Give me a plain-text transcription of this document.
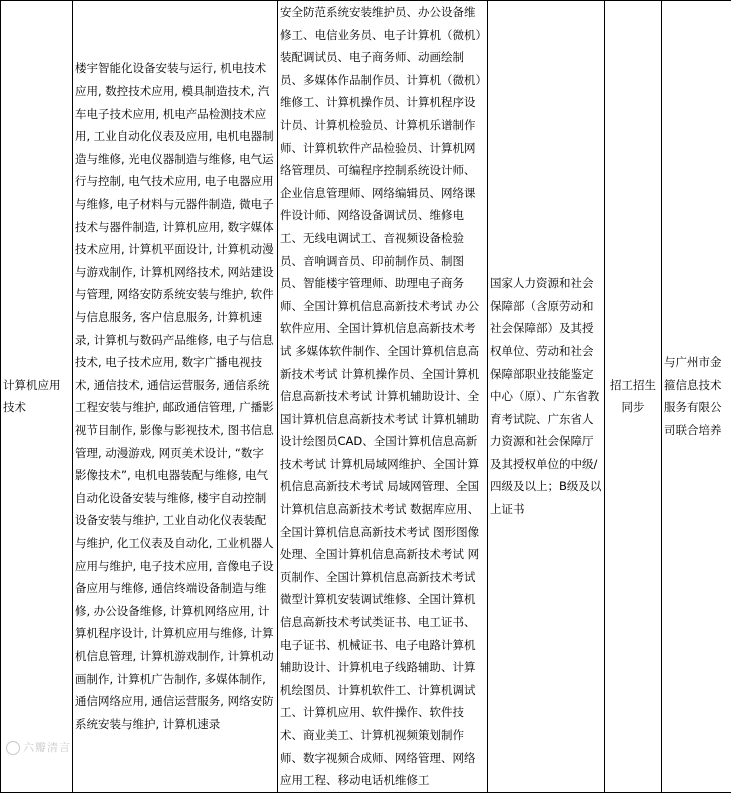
计算机应用技术	楼宇智能化设备安装与运行, 机电技术应用, 数控技术应用, 模具制造技术, 汽车电子技术应用, 机电产品检测技术应用, 工业自动化仪表及应用, 电机电器制造与维修, 光电仪器制造与维修, 电气运行与控制, 电气技术应用, 电子电器应用与维修, 电子材料与元器件制造, 微电子技术与器件制造, 计算机应用, 数字媒体技术应用, 计算机平面设计, 计算机动漫与游戏制作, 计算机网络技术, 网站建设与管理, 网络安防系统安装与维护, 软件与信息服务, 客户信息服务, 计算机速录, 计算机与数码产品维修, 电子与信息技术, 电子技术应用, 数字广播电视技术, 通信技术, 通信运营服务, 通信系统工程安装与维护, 邮政通信管理, 广播影视节目制作, 影像与影视技术, 图书信息管理, 动漫游戏, 网页美术设计, “数字影像技术”, 电机电器装配与维修, 电气自动化设备安装与维修, 楼宇自动控制设备安装与维护, 工业自动化仪表装配与维护, 化工仪表及自动化, 工业机器人应用与维护, 电子技术应用, 音像电子设备应用与维修, 通信终端设备制造与维修, 办公设备维修, 计算机网络应用, 计算机程序设计, 计算机应用与维修, 计算机信息管理, 计算机游戏制作, 计算机动画制作, 计算机广告制作, 多媒体制作, 通信网络应用, 通信运营服务, 网络安防系统安装与维护, 计算机速录	安全防范系统安装维护员、办公设备维修工、电信业务员、电子计算机（微机）装配调试员、电子商务师、动画绘制员、多媒体作品制作员、计算机（微机）维修工、计算机操作员、计算机程序设计员、计算机检验员、计算机乐谱制作师、计算机软件产品检验员、计算机网络管理员、可编程序控制系统设计师、企业信息管理师、网络编辑员、网络课件设计师、网络设备调试员、维修电工、无线电调试工、音视频设备检验员、音响调音员、印前制作员、制图员、智能楼宇管理师、助理电子商务师、全国计算机信息高新技术考试 办公软件应用、全国计算机信息高新技术考试 多媒体软件制作、全国计算机信息高新技术考试 计算机操作员、全国计算机信息高新技术考试 计算机辅助设计、全国计算机信息高新技术考试 计算机辅助设计绘图员CAD、全国计算机信息高新技术考试 计算机局域网维护、全国计算机信息高新技术考试 局域网管理、全国计算机信息高新技术考试 数据库应用、全国计算机信息高新技术考试 图形图像处理、全国计算机信息高新技术考试 网页制作、全国计算机信息高新技术考试 微型计算机安装调试维修、全国计算机信息高新技术考试类证书、电工证书、电子证书、机械证书、电子电路计算机辅助设计、计算机电子线路辅助、计算机绘图员、计算机软件工、计算机调试工、计算机应用、软件操作、软件技术、商业美工、计算机视频策划制作师、数字视频合成师、网络管理、网络应用工程、移动电话机维修工	国家人力资源和社会保障部（含原劳动和社会保障部）及其授权单位、劳动和社会保障部职业技能鉴定中心（原）、广东省教育考试院、广东省人力资源和社会保障厅及其授权单位的中级/四级及以上；B级及以上证书	招工招生同步	与广州市金箍信息技术服务有限公司联合培养
六瓣清言
